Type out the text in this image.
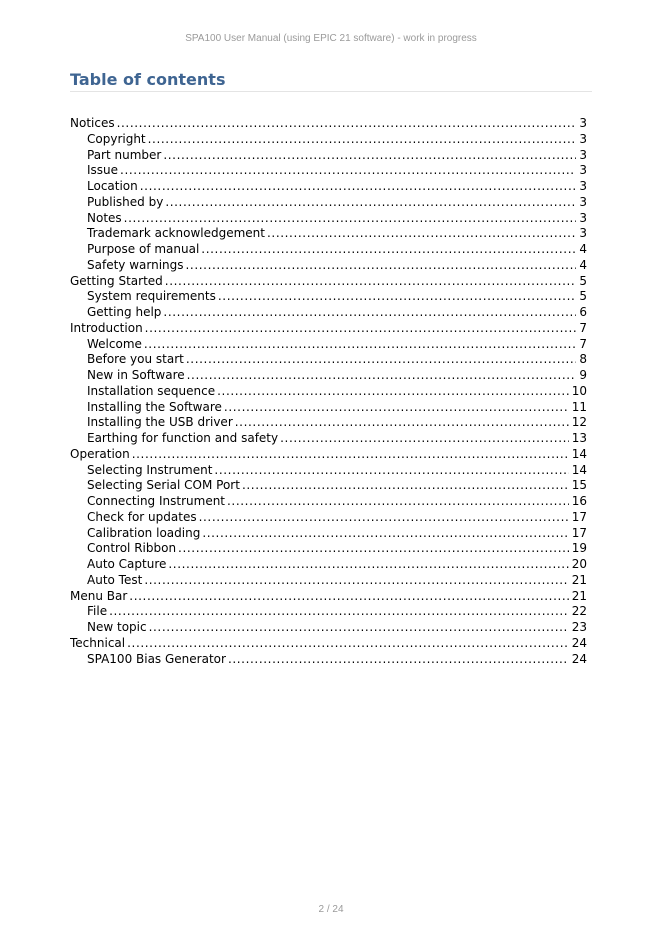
SPA100 User Manual (using EPIC 21 software) - work in progress
Table of contents
Notices .....	3
Copyright .....	3
Part number .....	3
Issue .....	3
Location .....	3
Published by .....	3
Notes .....	3
Trademark acknowledgement .....	3
Purpose of manual .....	4
Safety warnings .....	4
Getting Started .....	5
System requirements .....	5
Getting help .....	6
Introduction .....	7
Welcome .....	7
Before you start .....	8
New in Software .....	9
Installation sequence .....	10
Installing the Software .....	11
Installing the USB driver .....	12
Earthing for function and safety .....	13
Operation .....	14
Selecting Instrument .....	14
Selecting Serial COM Port .....	15
Connecting Instrument .....	16
Check for updates .....	17
Calibration loading .....	17
Control Ribbon .....	19
Auto Capture .....	20
Auto Test .....	21
Menu Bar .....	21
File .....	22
New topic .....	23
Technical .....	24
SPA100 Bias Generator .....	24
2 / 24
